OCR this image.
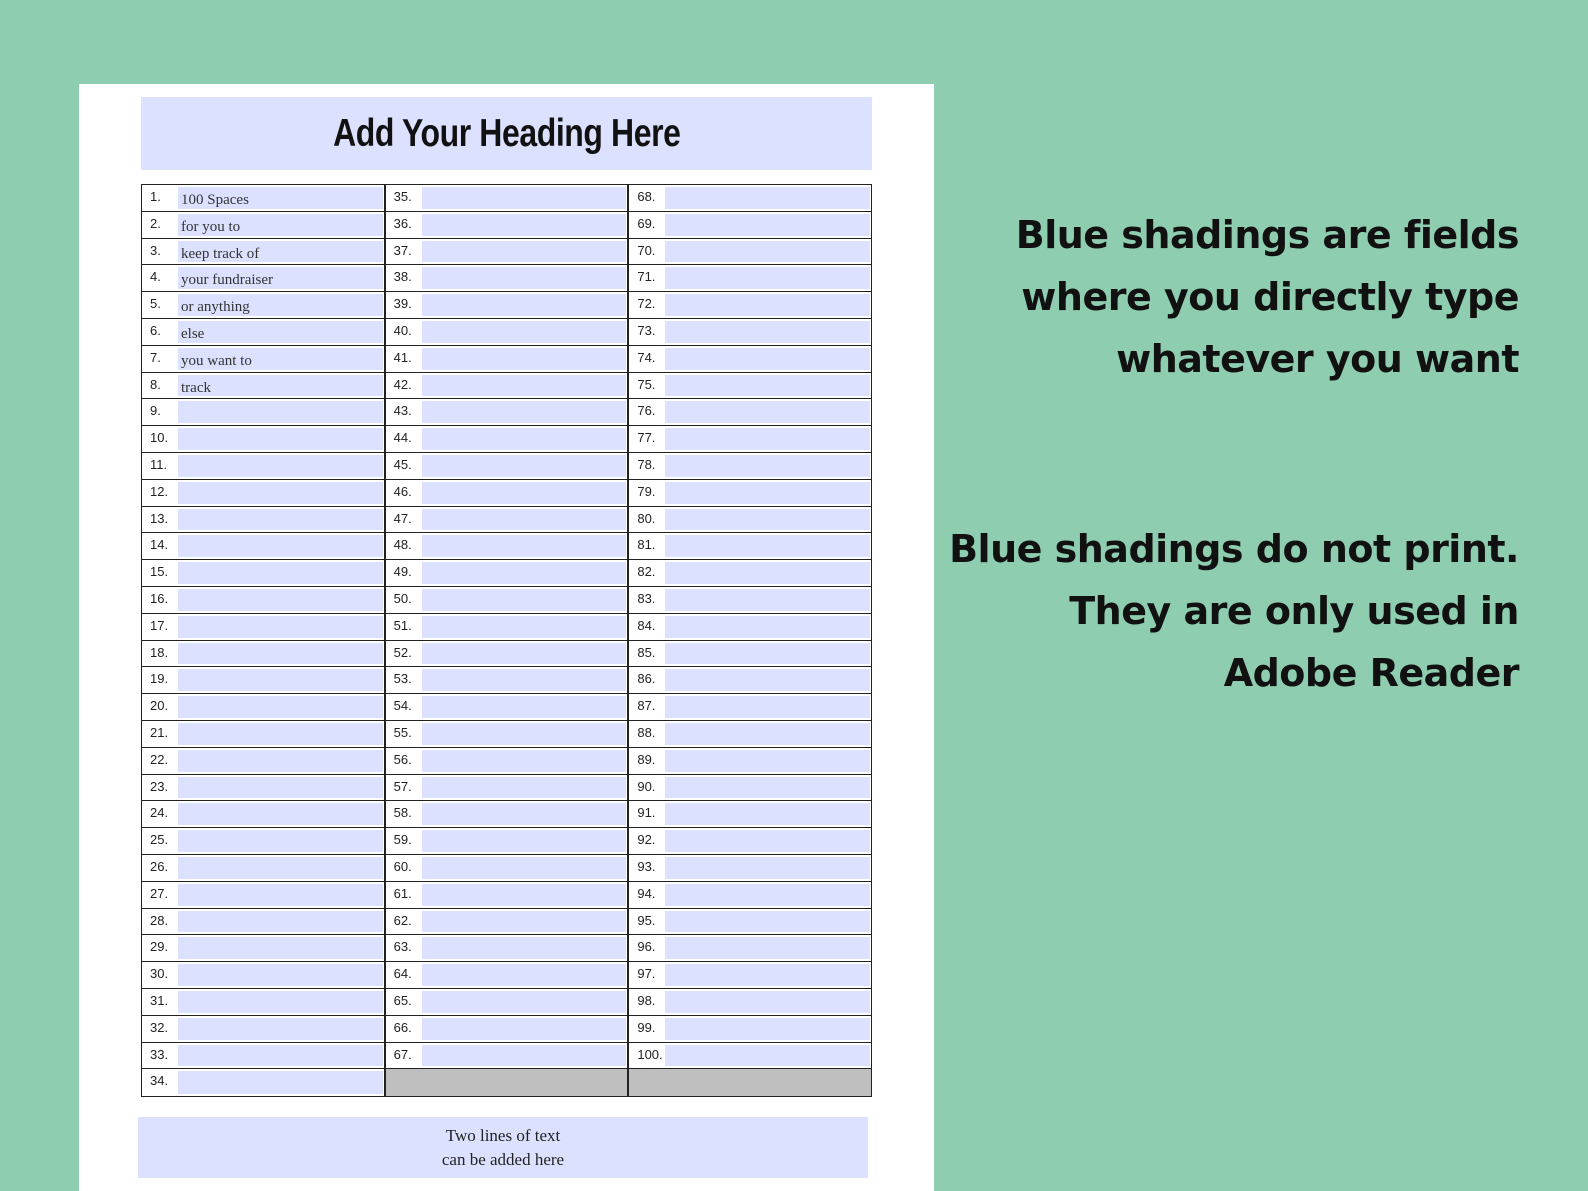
Add Your Heading Here
1.	100 Spaces
2.	for you to
3.	keep track of
4.	your fundraiser
5.	or anything
6.	else
7.	you want to
8.	track
9.
10.
11.
12.
13.
14.
15.
16.
17.
18.
19.
20.
21.
22.
23.
24.
25.
26.
27.
28.
29.
30.
31.
32.
33.
34.
35.
36.
37.
38.
39.
40.
41.
42.
43.
44.
45.
46.
47.
48.
49.
50.
51.
52.
53.
54.
55.
56.
57.
58.
59.
60.
61.
62.
63.
64.
65.
66.
67.
68.
69.
70.
71.
72.
73.
74.
75.
76.
77.
78.
79.
80.
81.
82.
83.
84.
85.
86.
87.
88.
89.
90.
91.
92.
93.
94.
95.
96.
97.
98.
99.
100.
Two lines of text
can be added here
Blue shadings are fields
where you directly type
whatever you want
Blue shadings do not print.
They are only used in
Adobe Reader
